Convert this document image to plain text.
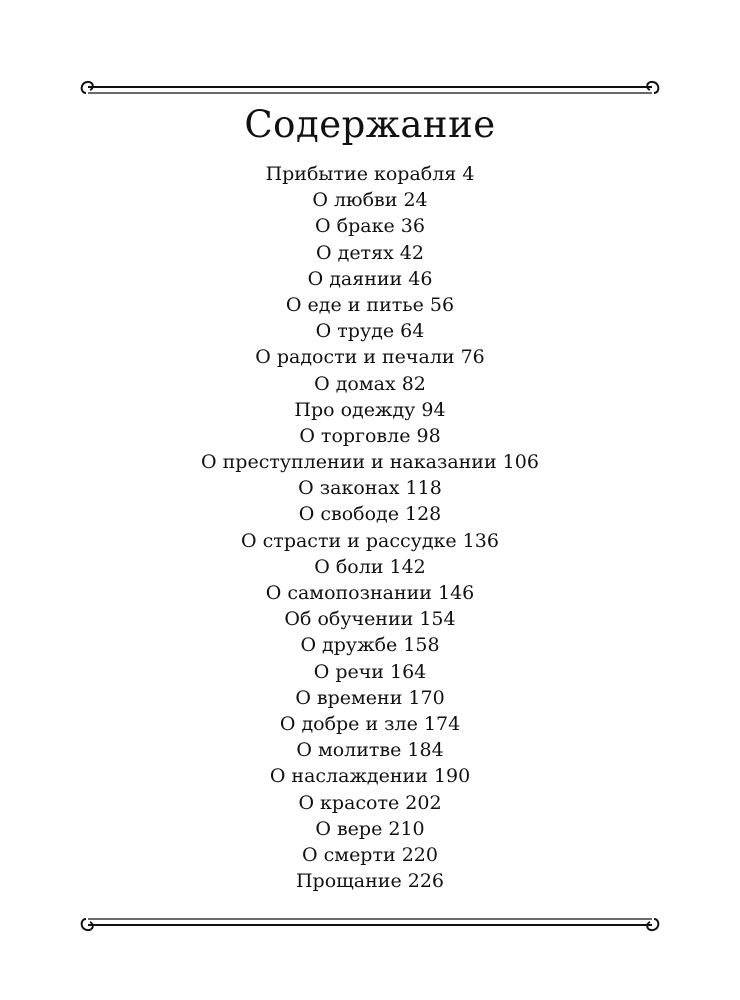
Содержание
Прибытие корабля 4
О любви 24
О браке 36
О детях 42
О даянии 46
О еде и питье 56
О труде 64
О радости и печали 76
О домах 82
Про одежду 94
О торговле 98
О преступлении и наказании 106
О законах 118
О свободе 128
О страсти и рассудке 136
О боли 142
О самопознании 146
Об обучении 154
О дружбе 158
О речи 164
О времени 170
О добре и зле 174
О молитве 184
О наслаждении 190
О красоте 202
О вере 210
О смерти 220
Прощание 226
